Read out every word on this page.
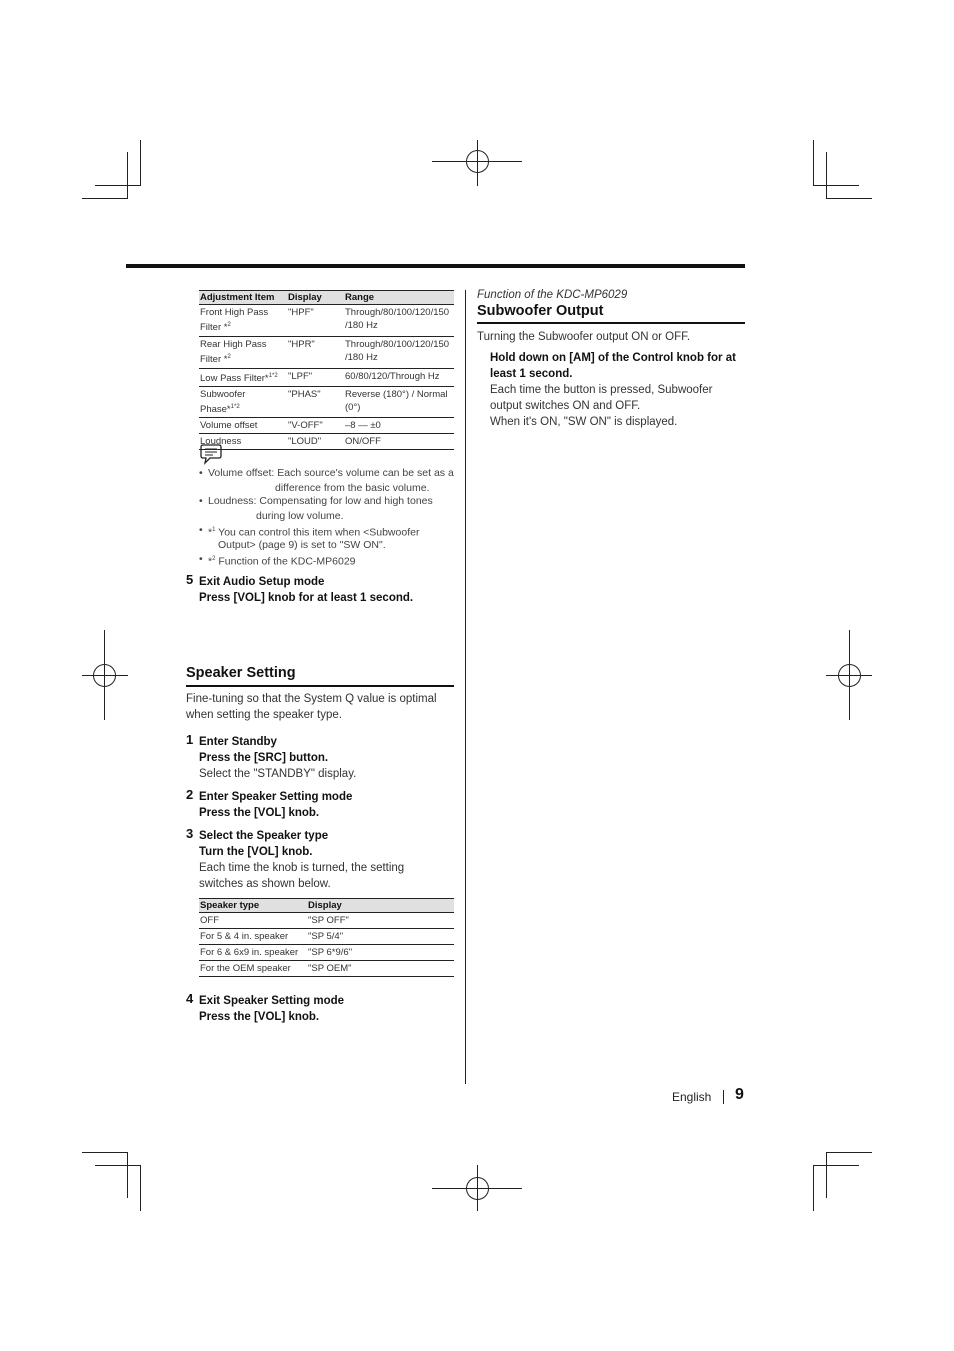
Adjustment Item	Display	Range
Front High Pass
Filter *$^2$	"HPF"	Through/80/100/120/150
/180 Hz
Rear High Pass
Filter *$^2$	"HPR"	Through/80/100/120/150
/180 Hz
Low Pass Filter*$^{1*2}$	"LPF"	60/80/120/Through Hz
Subwoofer Phase*$^{1*2}$	"PHAS"	Reverse (180°) / Normal (0°)
Volume offset	"V-OFF"	–8 — ±0
Loudness	"LOUD"	ON/OFF
• Volume offset: Each source's volume can be set as a
difference from the basic volume.
• Loudness: Compensating for low and high tones
during low volume.
• *$^1$ You can control this item when <Subwoofer
Output> (page 9) is set to "SW ON".
• *$^2$ Function of the KDC-MP6029
5 Exit Audio Setup mode
Press [VOL] knob for at least 1 second.
Speaker Setting
Fine-tuning so that the System Q value is optimal
when setting the speaker type.
1 Enter Standby
Press the [SRC] button.
Select the "STANDBY" display.
2 Enter Speaker Setting mode
Press the [VOL] knob.
3 Select the Speaker type
Turn the [VOL] knob.
Each time the knob is turned, the setting
switches as shown below.
Speaker type	Display
OFF	"SP OFF"
For 5 & 4 in. speaker	"SP 5/4"
For 6 & 6x9 in. speaker	"SP 6*9/6"
For the OEM speaker	"SP OEM"
4 Exit Speaker Setting mode
Press the [VOL] knob.
Function of the KDC-MP6029
Subwoofer Output
Turning the Subwoofer output ON or OFF.
Hold down on [AM] of the Control knob for at
least 1 second.
Each time the button is pressed, Subwoofer
output switches ON and OFF.
When it's ON, "SW ON" is displayed.
English 9
